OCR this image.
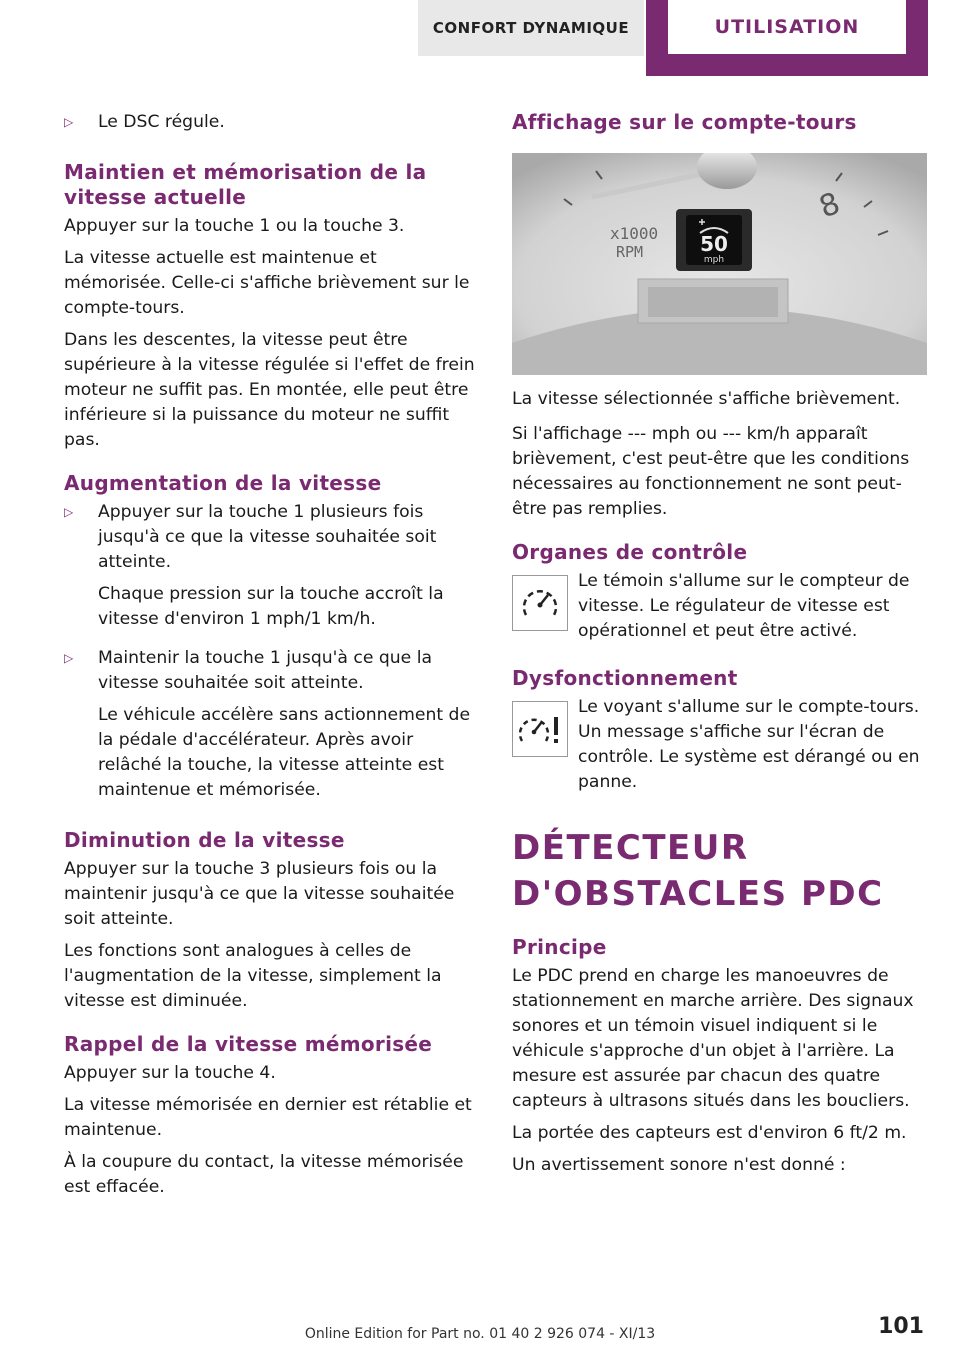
CONFORT DYNAMIQUE	UTILISATION
▷	Le DSC régule.

Maintien et mémorisation de la vitesse actuelle

Appuyer sur la touche 1 ou la touche 3.

La vitesse actuelle est maintenue et mémorisée. Celle-ci s'affiche brièvement sur le compte-tours.

Dans les descentes, la vitesse peut être supérieure à la vitesse régulée si l'effet de frein moteur ne suffit pas. En montée, elle peut être inférieure si la puissance du moteur ne suffit pas.

Augmentation de la vitesse
▷	Appuyer sur la touche 1 plusieurs fois jusqu'à ce que la vitesse souhaitée soit atteinte.

Chaque pression sur la touche accroît la vitesse d'environ 1 mph/1 km/h.

▷	Maintenir la touche 1 jusqu'à ce que la vitesse souhaitée soit atteinte.

Le véhicule accélère sans actionnement de la pédale d'accélérateur. Après avoir relâché la touche, la vitesse atteinte est maintenue et mémorisée.

Diminution de la vitesse

Appuyer sur la touche 3 plusieurs fois ou la maintenir jusqu'à ce que la vitesse souhaitée soit atteinte.

Les fonctions sont analogues à celles de l'augmentation de la vitesse, simplement la vitesse est diminuée.

Rappel de la vitesse mémorisée

Appuyer sur la touche 4.

La vitesse mémorisée en dernier est rétablie et maintenue.

À la coupure du contact, la vitesse mémorisée est effacée.

Affichage sur le compte-tours
x1000
RPM
8
50
mph

La vitesse sélectionnée s'affiche brièvement.

Si l'affichage --- mph ou --- km/h apparaît brièvement, c'est peut-être que les conditions nécessaires au fonctionnement ne sont peut-être pas remplies.

Organes de contrôle

Le témoin s'allume sur le compteur de vitesse. Le régulateur de vitesse est opérationnel et peut être activé.

Dysfonctionnement

Le voyant s'allume sur le compte-tours. Un message s'affiche sur l'écran de contrôle. Le système est dérangé ou en panne.

DÉTECTEUR D'OBSTACLES PDC
Principe

Le PDC prend en charge les manoeuvres de stationnement en marche arrière. Des signaux sonores et un témoin visuel indiquent si le véhicule s'approche d'un objet à l'arrière. La mesure est assurée par chacun des quatre capteurs à ultrasons situés dans les boucliers.

La portée des capteurs est d'environ 6 ft/2 m.

Un avertissement sonore n'est donné :

101
Online Edition for Part no. 01 40 2 926 074 - XI/13
